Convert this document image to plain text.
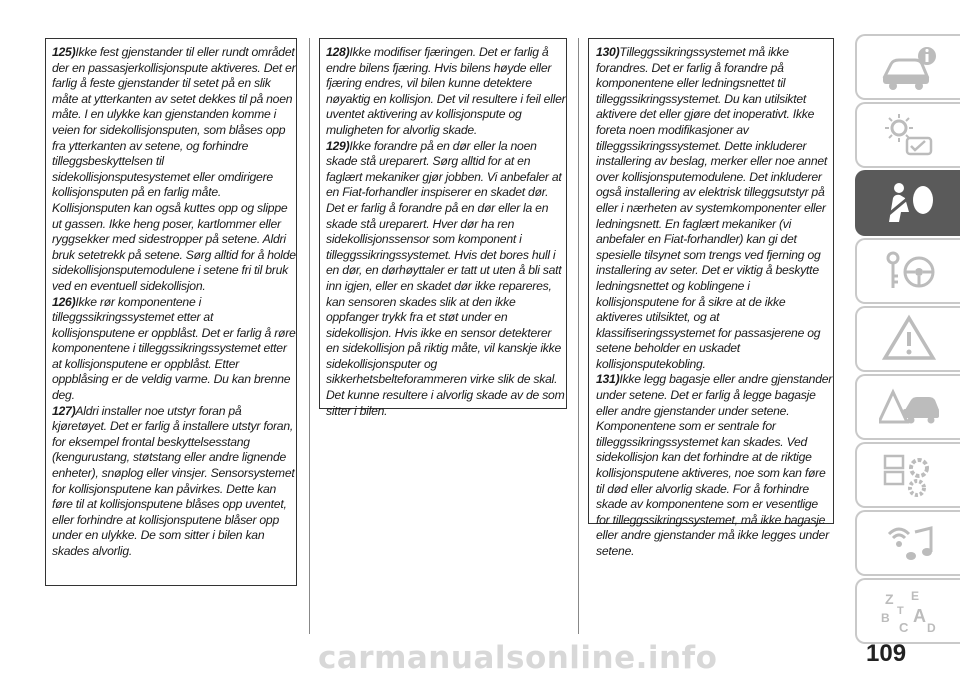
125)Ikke fest gjenstander til eller rundt området der en passasjerkollisjonspute aktiveres. Det er farlig å feste gjenstander til setet på en slik måte at ytterkanten av setet dekkes til på noen måte. I en ulykke kan gjenstanden komme i veien for sidekollisjonsputen, som blåses opp fra ytterkanten av setene, og forhindre tilleggsbeskyttelsen til sidekollisjonsputesystemet eller omdirigere kollisjonsputen på en farlig måte. Kollisjonsputen kan også kuttes opp og slippe ut gassen. Ikke heng poser, kartlommer eller ryggsekker med sidestropper på setene. Aldri bruk setetrekk på setene. Sørg alltid for å holde sidekollisjonsputemodulene i setene fri til bruk ved en eventuell sidekollisjon.

126)Ikke rør komponentene i tilleggssikringssystemet etter at kollisjonsputene er oppblåst. Det er farlig å røre komponentene i tilleggssikringssystemet etter at kollisjonsputene er oppblåst. Etter oppblåsing er de veldig varme. Du kan brenne deg.

127)Aldri installer noe utstyr foran på kjøretøyet. Det er farlig å installere utstyr foran, for eksempel frontal beskyttelsesstang (kengurustang, støtstang eller andre lignende enheter), snøplog eller vinsjer. Sensorsystemet for kollisjonsputene kan påvirkes. Dette kan føre til at kollisjonsputene blåses opp uventet, eller forhindre at kollisjonsputene blåser opp under en ulykke. De som sitter i bilen kan skades alvorlig.

128)Ikke modifiser fjæringen. Det er farlig å endre bilens fjæring. Hvis bilens høyde eller fjæring endres, vil bilen kunne detektere nøyaktig en kollisjon. Det vil resultere i feil eller uventet aktivering av kollisjonspute og muligheten for alvorlig skade.

129)Ikke forandre på en dør eller la noen skade stå ureparert. Sørg alltid for at en faglært mekaniker gjør jobben. Vi anbefaler at en Fiat-forhandler inspiserer en skadet dør. Det er farlig å forandre på en dør eller la en skade stå ureparert. Hver dør ha ren sidekollisjonssensor som komponent i tilleggssikringssystemet. Hvis det bores hull i en dør, en dørhøyttaler er tatt ut uten å bli satt inn igjen, eller en skadet dør ikke repareres, kan sensoren skades slik at den ikke oppfanger trykk fra et støt under en sidekollisjon. Hvis ikke en sensor detekterer en sidekollisjon på riktig måte, vil kanskje ikke sidekollisjonsputer og sikkerhetsbelteforammeren virke slik de skal. Det kunne resultere i alvorlig skade av de som sitter i bilen.

130)Tilleggssikringssystemet må ikke forandres. Det er farlig å forandre på komponentene eller ledningsnettet til tilleggssikringssystemet. Du kan utilsiktet aktivere det eller gjøre det inoperativt. Ikke foreta noen modifikasjoner av tilleggssikringssystemet. Dette inkluderer installering av beslag, merker eller noe annet over kollisjonsputemodulene. Det inkluderer også installering av elektrisk tilleggsutstyr på eller i nærheten av systemkomponenter eller ledningsnett. En faglært mekaniker (vi anbefaler en Fiat-forhandler) kan gi det spesielle tilsynet som trengs ved fjerning og installering av seter. Det er viktig å beskytte ledningsnettet og koblingene i kollisjonsputene for å sikre at de ikke aktiveres utilsiktet, og at klassifiseringssystemet for passasjerene og setene beholder en uskadet kollisjonsputekobling.

131)Ikke legg bagasje eller andre gjenstander under setene. Det er farlig å legge bagasje eller andre gjenstander under setene. Komponentene som er sentrale for tilleggssikringssystemet kan skades. Ved sidekollisjon kan det forhindre at de riktige kollisjonsputene aktiveres, noe som kan føre til død eller alvorlig skade. For å forhindre skade av komponentene som er vesentlige for tilleggssikringssystemet, må ikke bagasje eller andre gjenstander må ikke legges under setene.

Z E
B
C
A
D
T
carmanualsonline.info	109
